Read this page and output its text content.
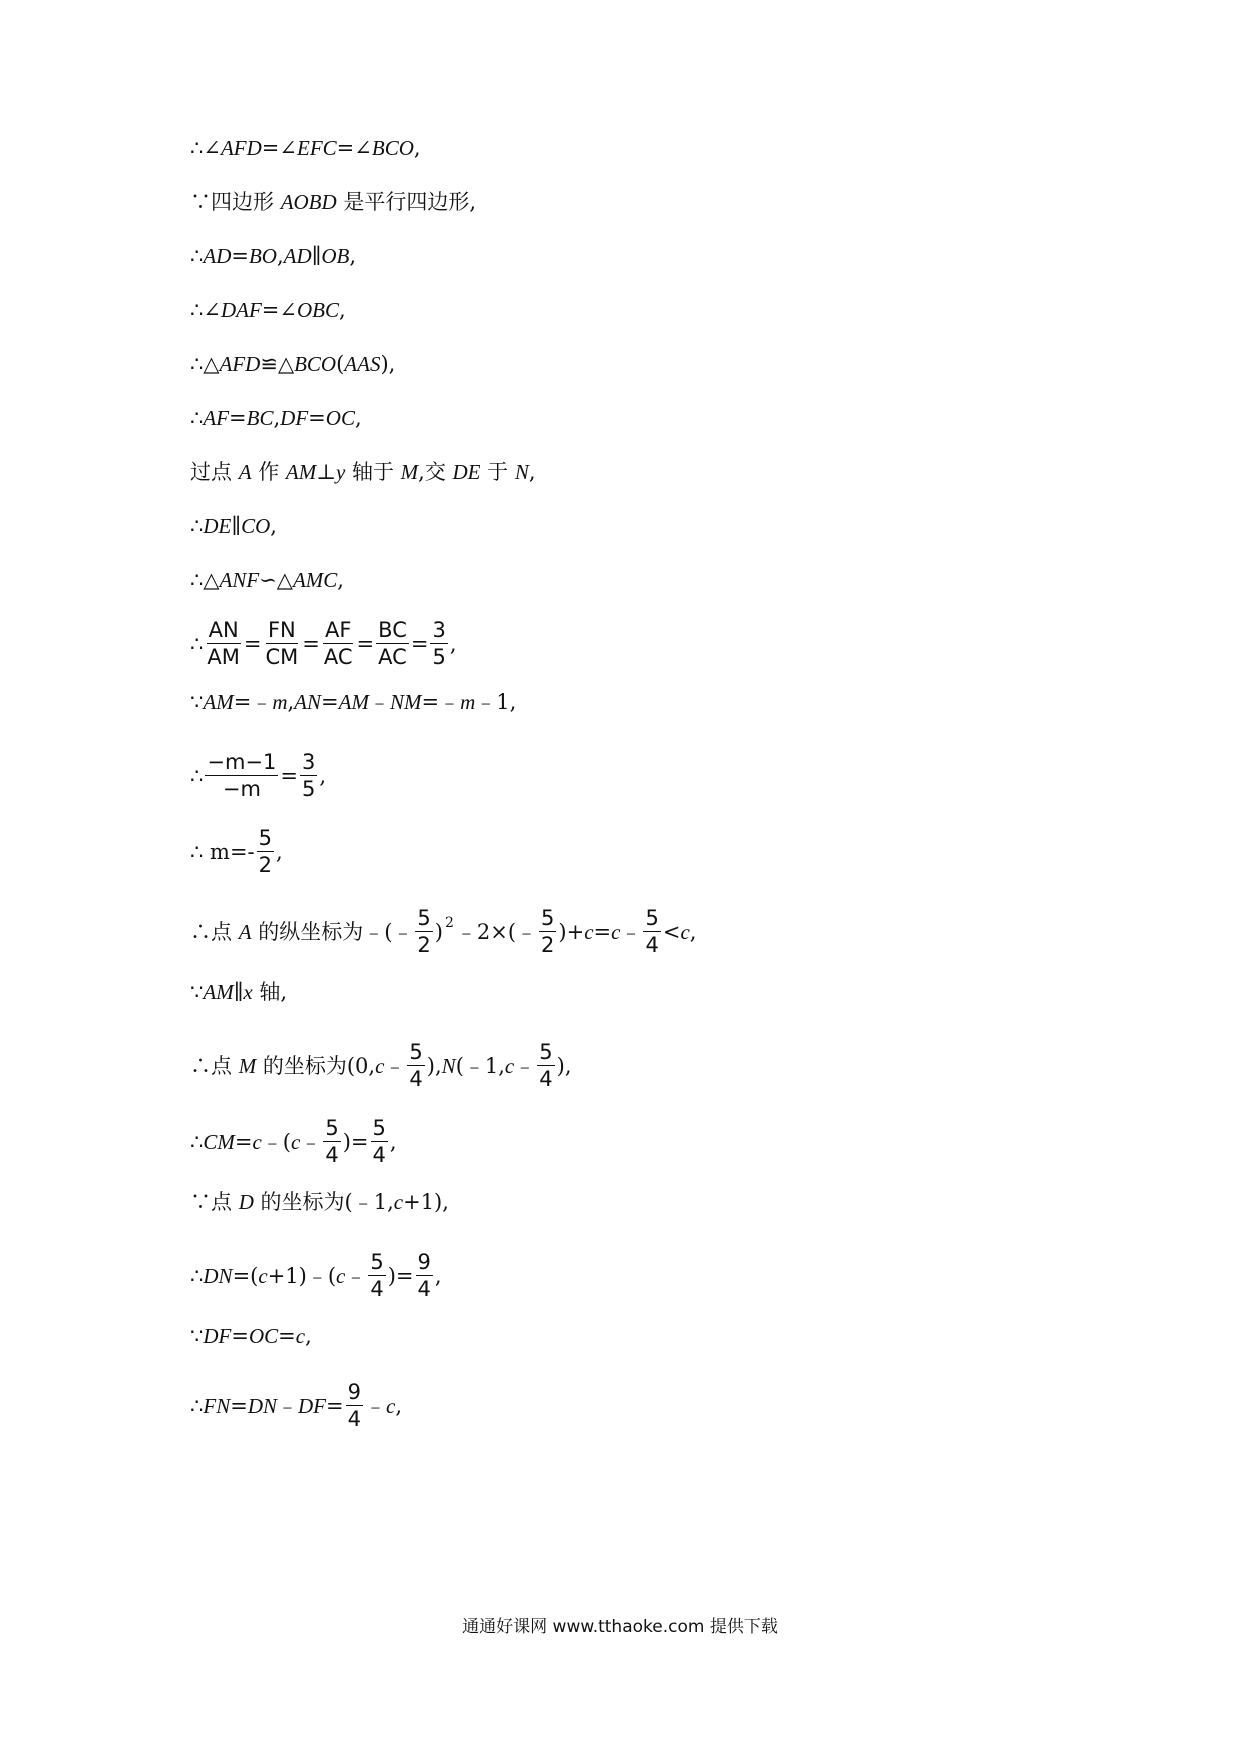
∴∠AFD=∠EFC=∠BCO,
∵四边形 AOBD 是平行四边形,
∴AD=BO,AD∥OB,
∴∠DAF=∠OBC,
∴△AFD≌△BCO(AAS),
∴AF=BC,DF=OC,
过点 A 作 AM⊥y 轴于 M,交 DE 于 N,
∴DE∥CO,
∴△ANF∽△AMC,
∴ $\frac{AN}{AM} = \frac{FN}{CM} = \frac{AF}{AC} = \frac{BC}{AC} = \frac{3}{5}$ ,
∵AM=﹣m,AN=AM﹣NM=﹣m﹣1,
∴ $\frac{-m-1}{-m} = \frac{3}{5}$ ,
∴ $m=- \frac{5}{2}$ ,
∴点 A 的纵坐标为﹣(﹣ $\frac{5}{2}$ ) 2 ﹣2×(﹣ $\frac{5}{2}$ )+c=c﹣ $\frac{5}{4} <c$,
∵AM∥x 轴,
∴点 M 的坐标为(0,c﹣ $\frac{5}{4}$ ),N(﹣1,c﹣ $\frac{5}{4}$ ),
∴CM=c﹣(c﹣ $\frac{5}{4}$ )= $\frac{5}{4}$ ,
∵点 D 的坐标为(﹣1,c+1),
∴DN=(c+1)﹣(c﹣ $\frac{5}{4}$ )= $\frac{9}{4}$ ,
∵DF=OC=c,
∴FN=DN﹣DF= $\frac{9}{4}$ ﹣c,
通通好课网 www.tthaoke.com 提供下载
